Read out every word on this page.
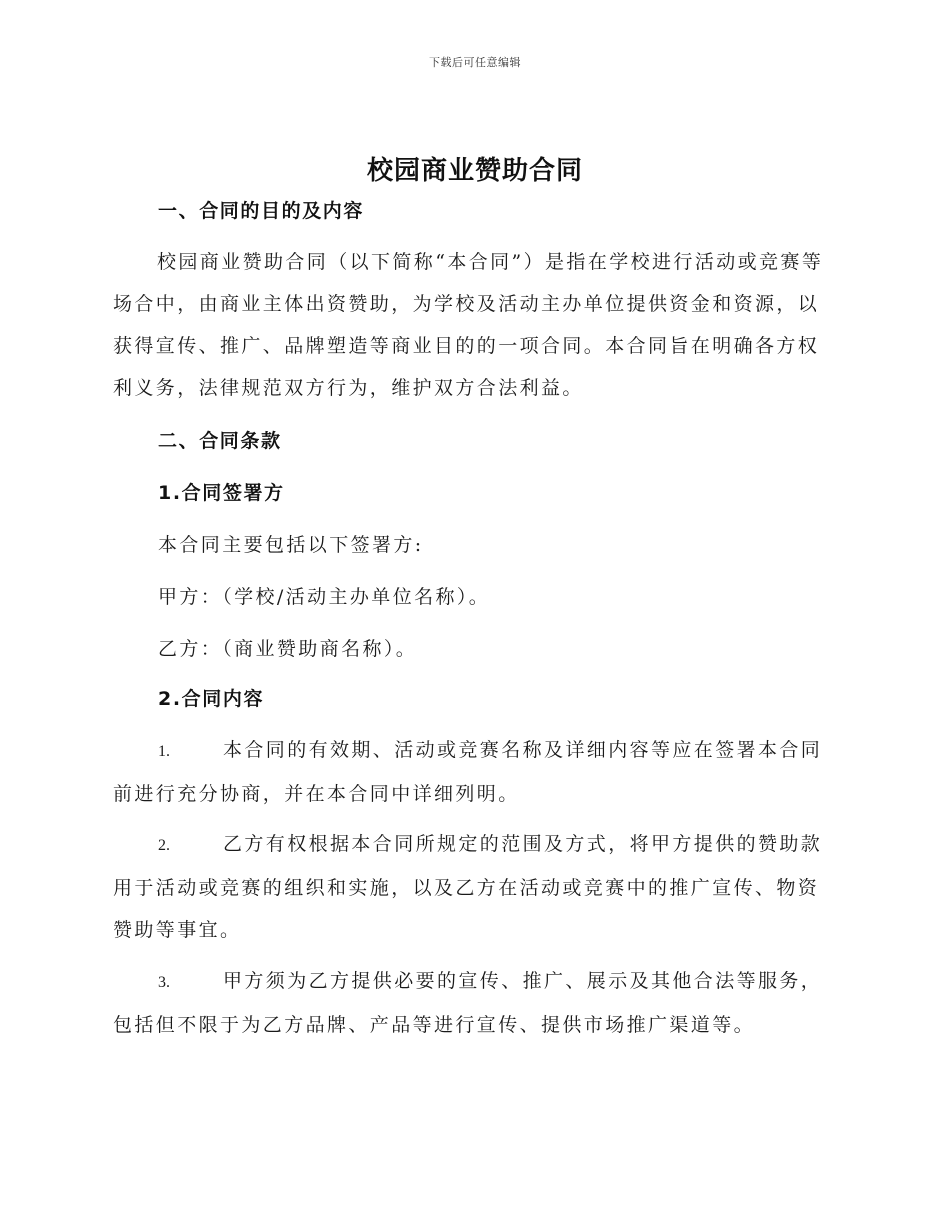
下载后可任意编辑
校园商业赞助合同
一、合同的目的及内容

校园商业赞助合同（以下简称“本合同”）是指在学校进行活动或竞赛等场合中，由商业主体出资赞助，为学校及活动主办单位提供资金和资源，以获得宣传、推广、品牌塑造等商业目的的一项合同。本合同旨在明确各方权利义务，法律规范双方行为，维护双方合法利益。

二、合同条款
1.合同签署方

本合同主要包括以下签署方:

甲方：（学校/活动主办单位名称）。

乙方：（商业赞助商名称）。

2.合同内容

1.	本合同的有效期、活动或竞赛名称及详细内容等应在签署本合同前进行充分协商，并在本合同中详细列明。

2.	乙方有权根据本合同所规定的范围及方式，将甲方提供的赞助款用于活动或竞赛的组织和实施，以及乙方在活动或竞赛中的推广宣传、物资赞助等事宜。

3.	甲方须为乙方提供必要的宣传、推广、展示及其他合法等服务，包括但不限于为乙方品牌、产品等进行宣传、提供市场推广渠道等。
